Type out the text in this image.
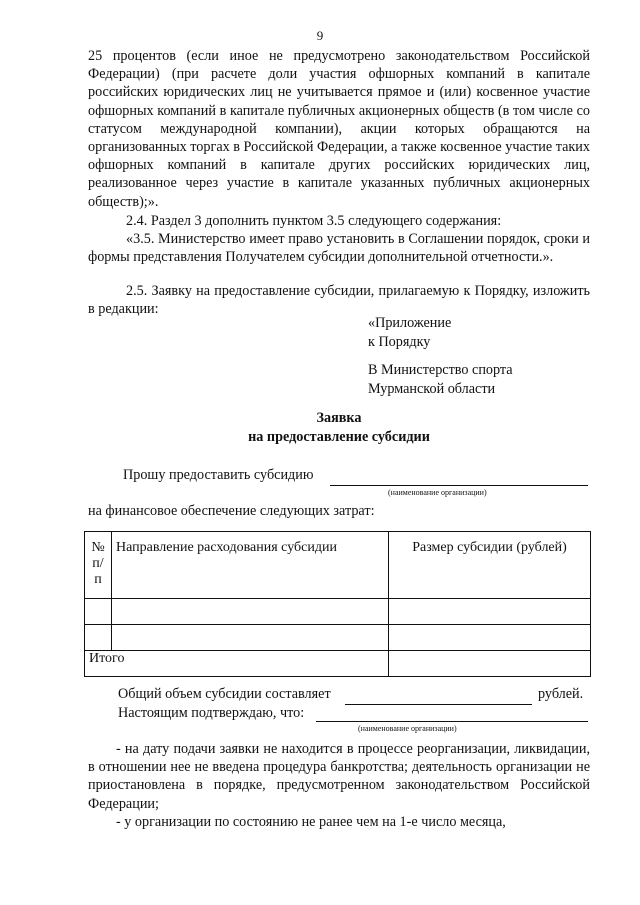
9
25 процентов (если иное не предусмотрено законодательством Российской Федерации) (при расчете доли участия офшорных компаний в капитале российских юридических лиц не учитывается прямое и (или) косвенное участие офшорных компаний в капитале публичных акционерных обществ (в том числе со статусом международной компании), акции которых обращаются на организованных торгах в Российской Федерации, а также косвенное участие таких офшорных компаний в капитале других российских юридических лиц, реализованное через участие в капитале указанных публичных акционерных обществ);».
2.4. Раздел 3 дополнить пунктом 3.5 следующего содержания:
«3.5. Министерство имеет право установить в Соглашении порядок, сроки и формы представления Получателем субсидии дополнительной отчетности.».
2.5. Заявку на предоставление субсидии, прилагаемую к Порядку, изложить в редакции:
«Приложение
к Порядку
В Министерство спорта
Мурманской области
Заявка
на предоставление субсидии
Прошу предоставить субсидию
(наименование организации)
на финансовое обеспечение следующих затрат:
№ п/п	Направление расходования субсидии	Размер субсидии (рублей)

Итого		
Общий объем субсидии составляет	рублей.
Настоящим подтверждаю, что:
(наименование организации)
- на дату подачи заявки не находится в процессе реорганизации, ликвидации, в отношении нее не введена процедура банкротства; деятельность организации не приостановлена в порядке, предусмотренном законодательством Российской Федерации;
- у организации по состоянию не ранее чем на 1-е число месяца,
